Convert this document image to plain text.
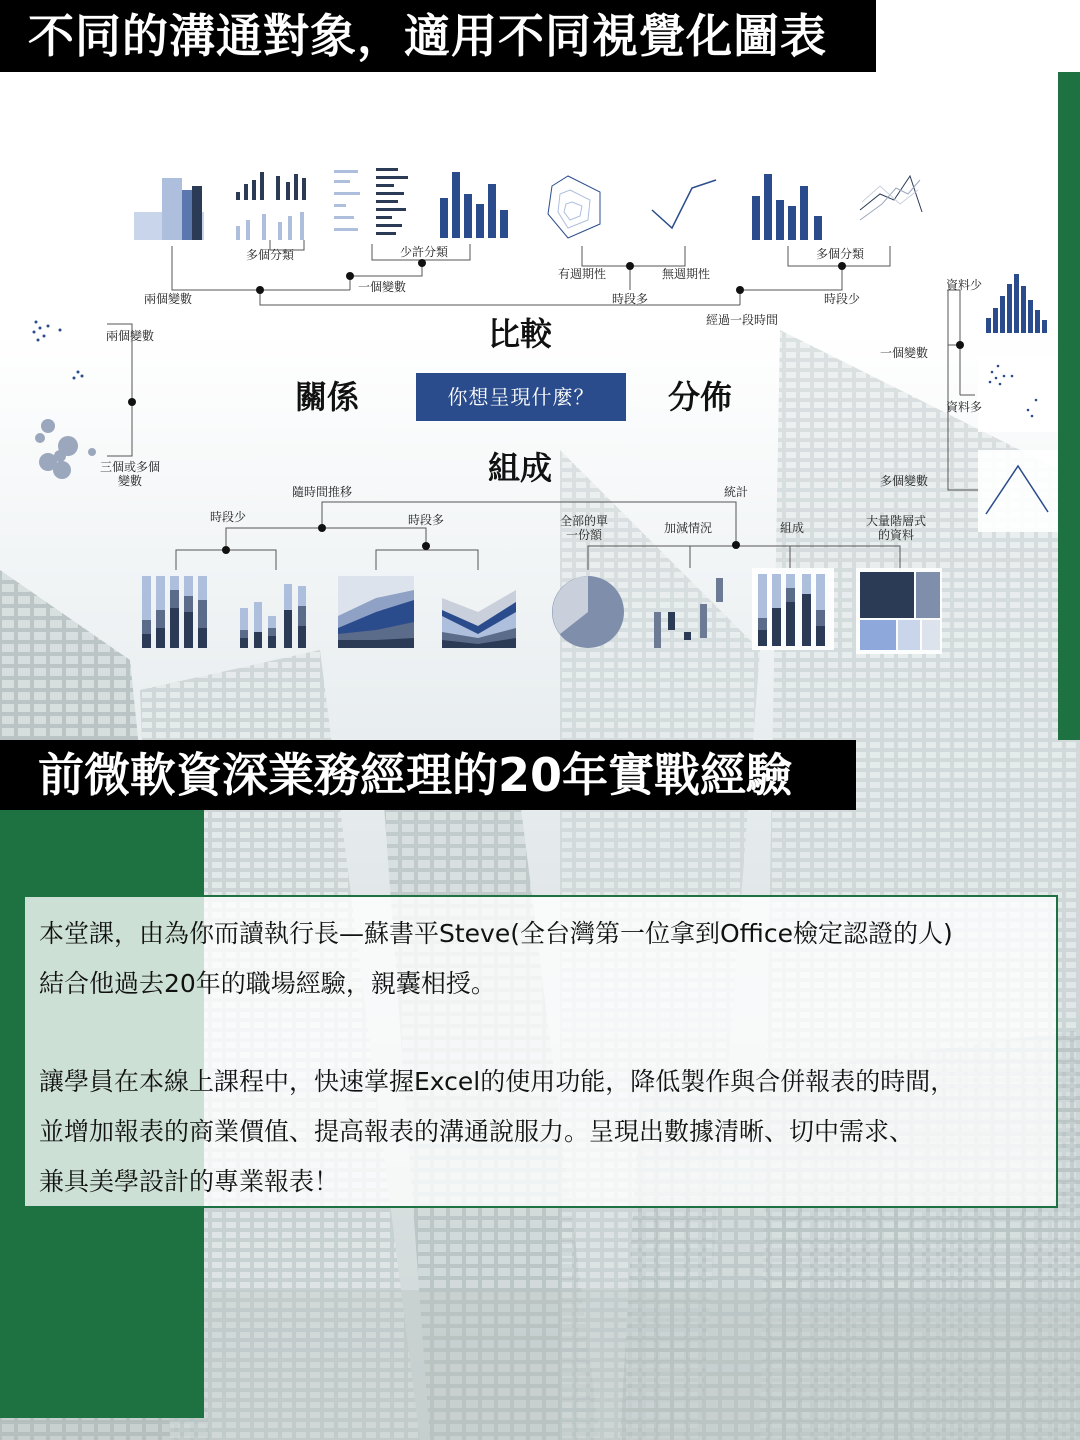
不同的溝通對象，適用不同視覺化圖表
多個分類	少許分類
一個變數
兩個變數
有週期性	無週期性
時段多
多個分類
時段少
經過一段時間
兩個變數
三個或多個變數
資料少
一個變數
資料多
多個變數
隨時間推移	統計
時段少	時段多	全部的單一份額	加減情況	組成	大量階層式的資料
比較
關係	分佈
組成
你想呈現什麼？
前微軟資深業務經理的20年實戰經驗

本堂課，由為你而讀執行長—蘇書平Steve(全台灣第一位拿到Office檢定認證的人)

結合他過去20年的職場經驗，親囊相授。

讓學員在本線上課程中，快速掌握Excel的使用功能，降低製作與合併報表的時間，

並增加報表的商業價值、提高報表的溝通說服力。呈現出數據清晰、切中需求、

兼具美學設計的專業報表！
